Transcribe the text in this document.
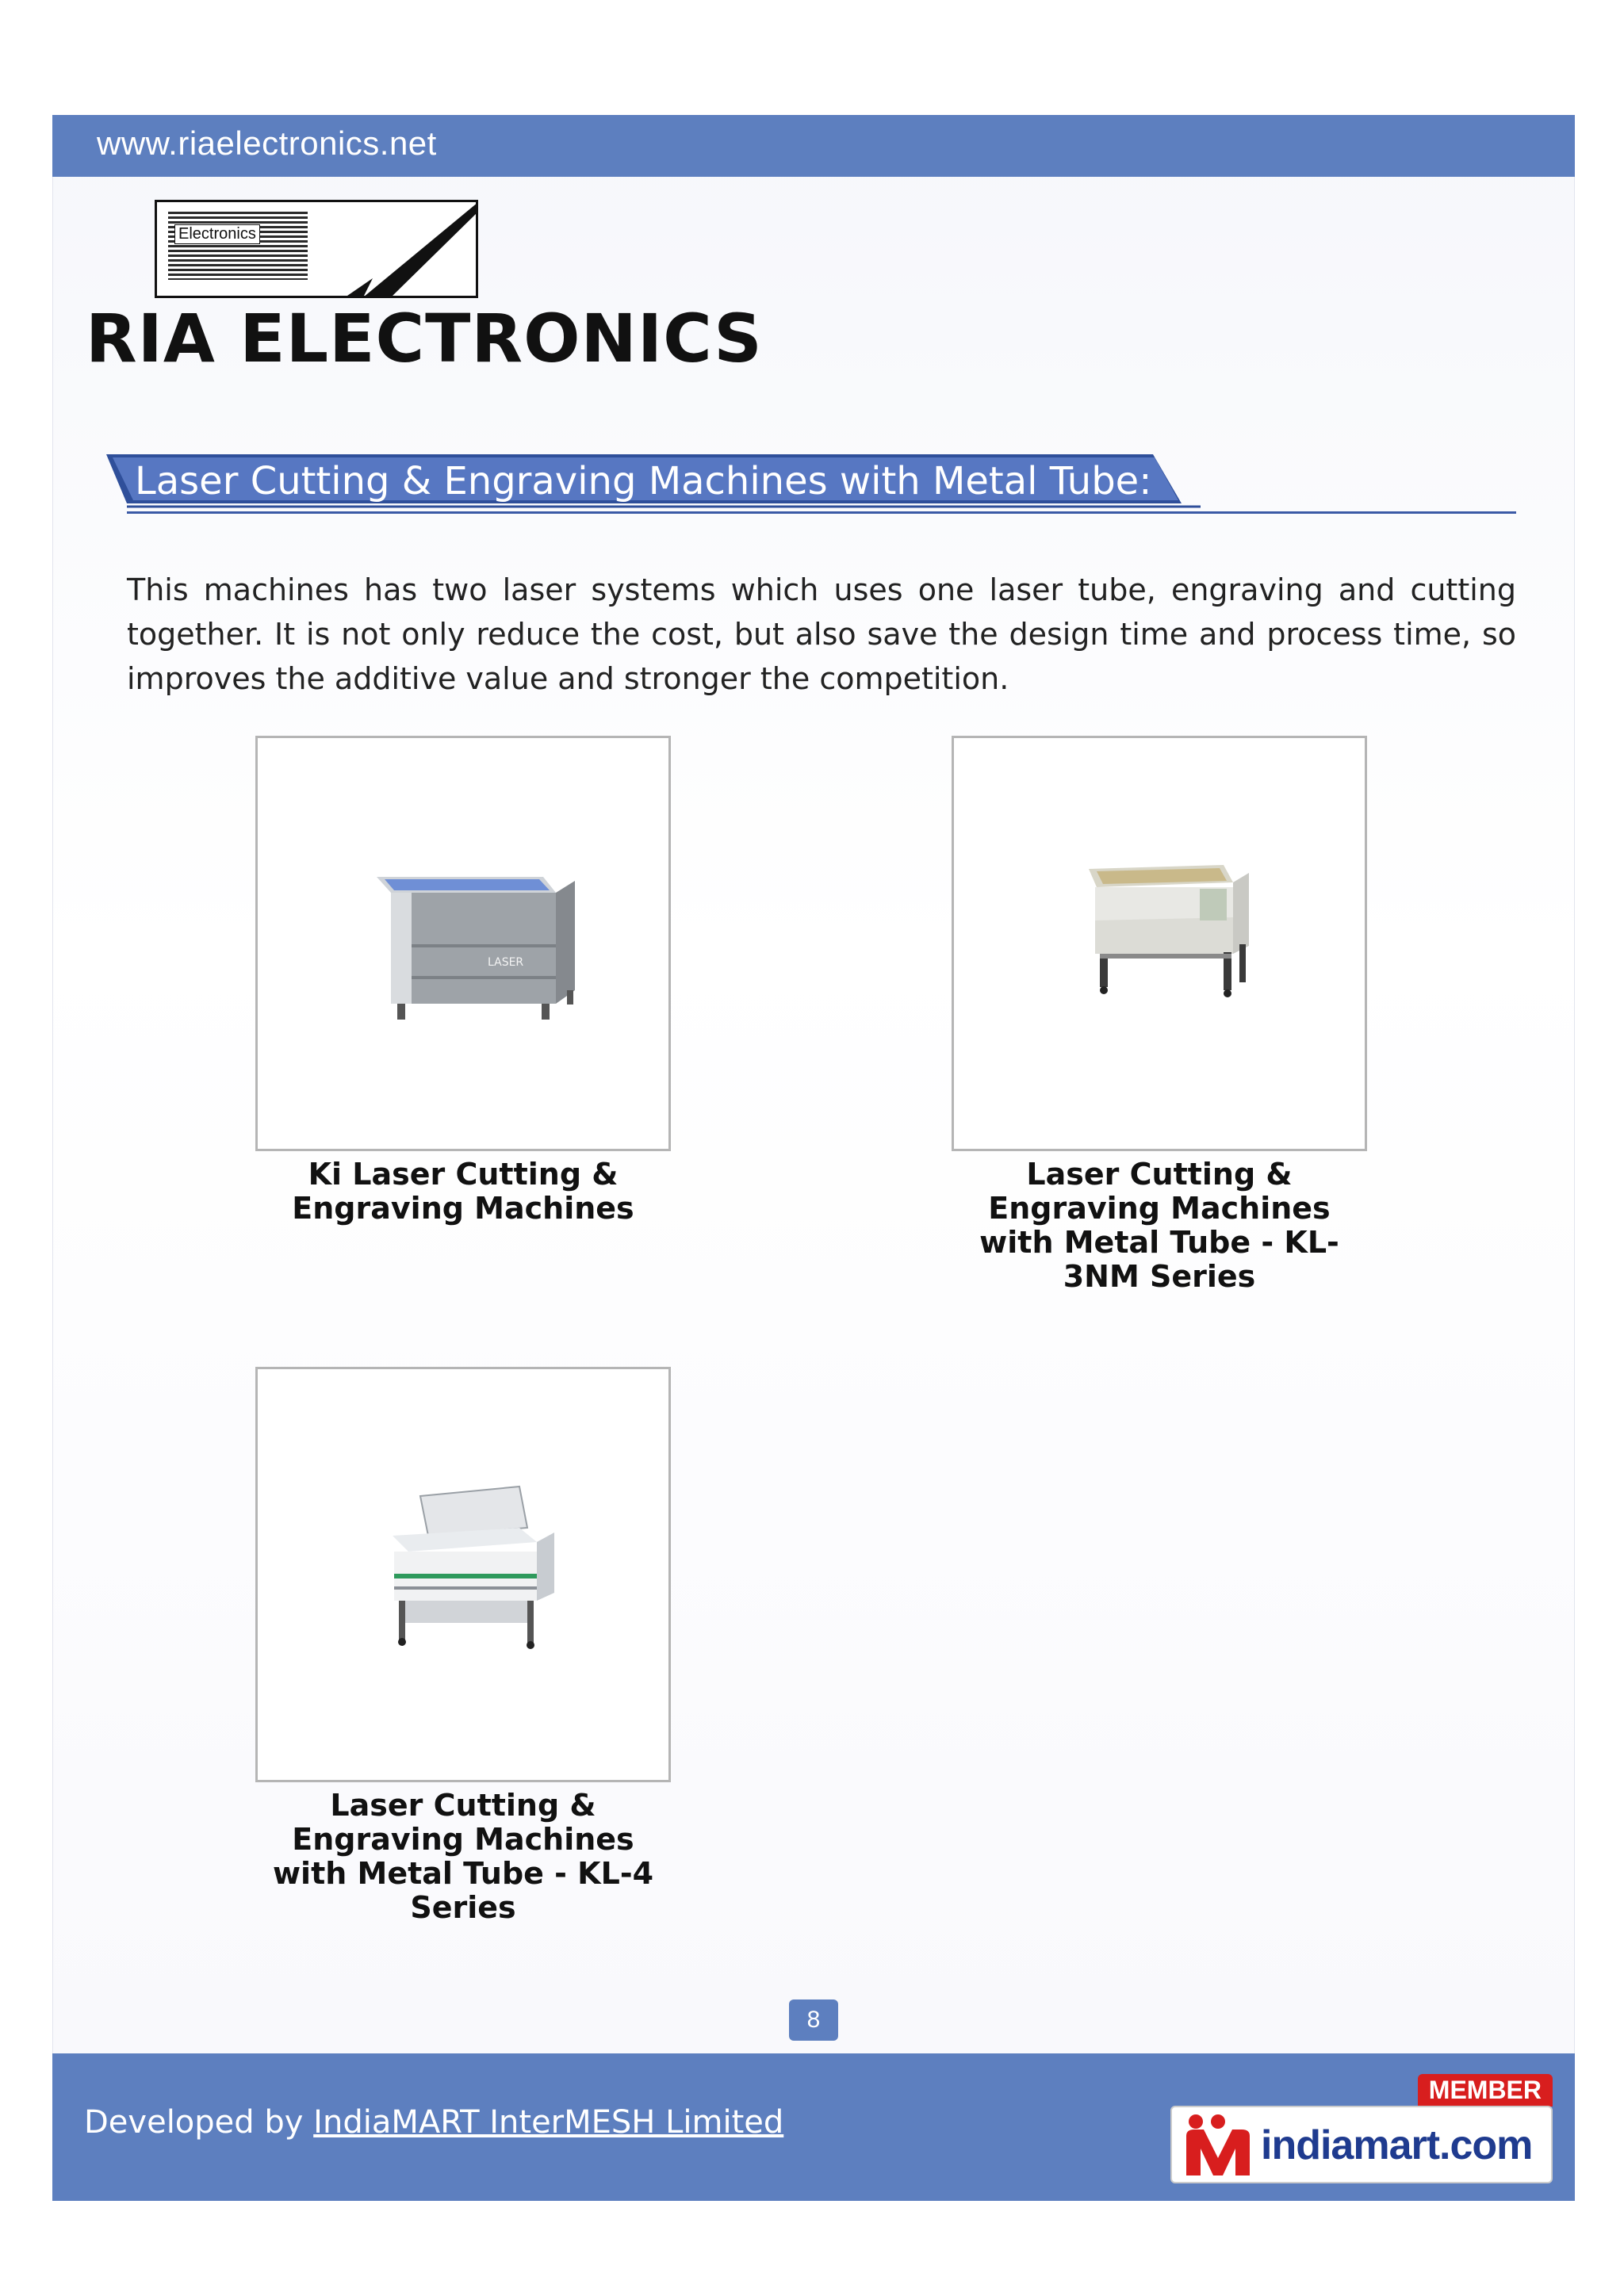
www.riaelectronics.net
Electronics
RIA ELECTRONICS
Laser Cutting & Engraving Machines with Metal Tube:

This machines has two laser systems which uses one laser tube, engraving and cutting together. It is not only reduce the cost, but also save the design time and process time, so improves the additive value and stronger the competition.

LASER
Ki Laser Cutting & Engraving Machines
Laser Cutting & Engraving Machines with Metal Tube - KL-3NM Series
Laser Cutting & Engraving Machines with Metal Tube - KL-4 Series
8
Developed by IndiaMART InterMESH Limited
MEMBER
indiamart.com
